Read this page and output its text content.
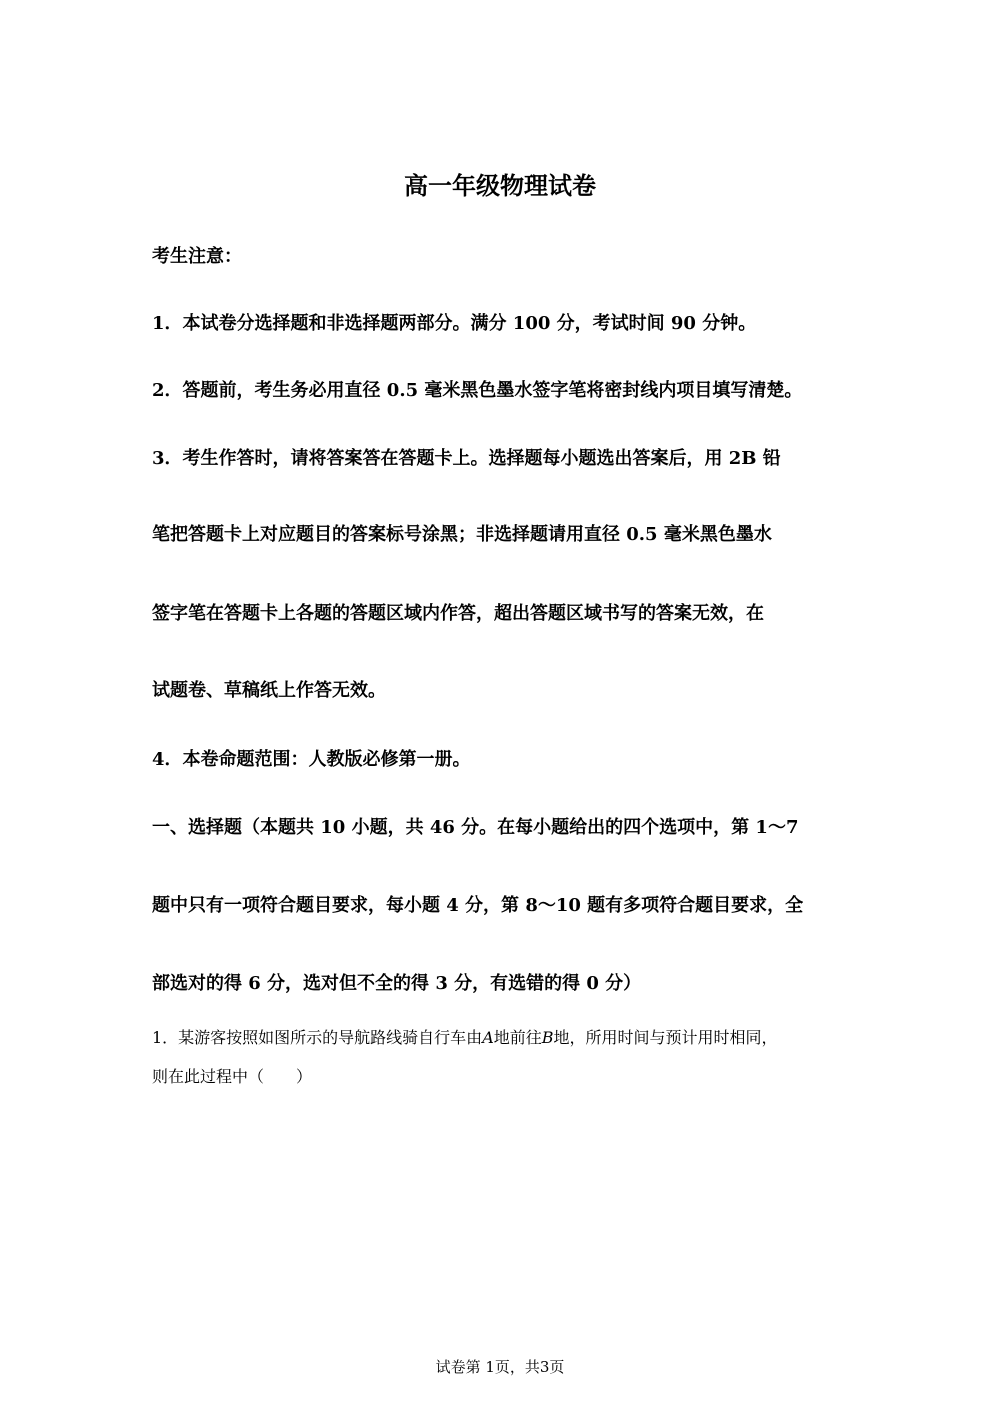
高一年级物理试卷
考生注意：
1．本试卷分选择题和非选择题两部分。满分 100 分，考试时间 90 分钟。
2．答题前，考生务必用直径 0.5 毫米黑色墨水签字笔将密封线内项目填写清楚。
3．考生作答时，请将答案答在答题卡上。选择题每小题选出答案后，用 2B 铅
笔把答题卡上对应题目的答案标号涂黑；非选择题请用直径 0.5 毫米黑色墨水
签字笔在答题卡上各题的答题区域内作答，超出答题区域书写的答案无效，在
试题卷、草稿纸上作答无效。
4．本卷命题范围：人教版必修第一册。
一、选择题（本题共 10 小题，共 46 分。在每小题给出的四个选项中，第 1～7
题中只有一项符合题目要求，每小题 4 分，第 8～10 题有多项符合题目要求，全
部选对的得 6 分，选对但不全的得 3 分，有选错的得 0 分）
1．某游客按照如图所示的导航路线骑自行车由A地前往B地，所用时间与预计用时相同，
则在此过程中（　　）
试卷第 1页，共3页
